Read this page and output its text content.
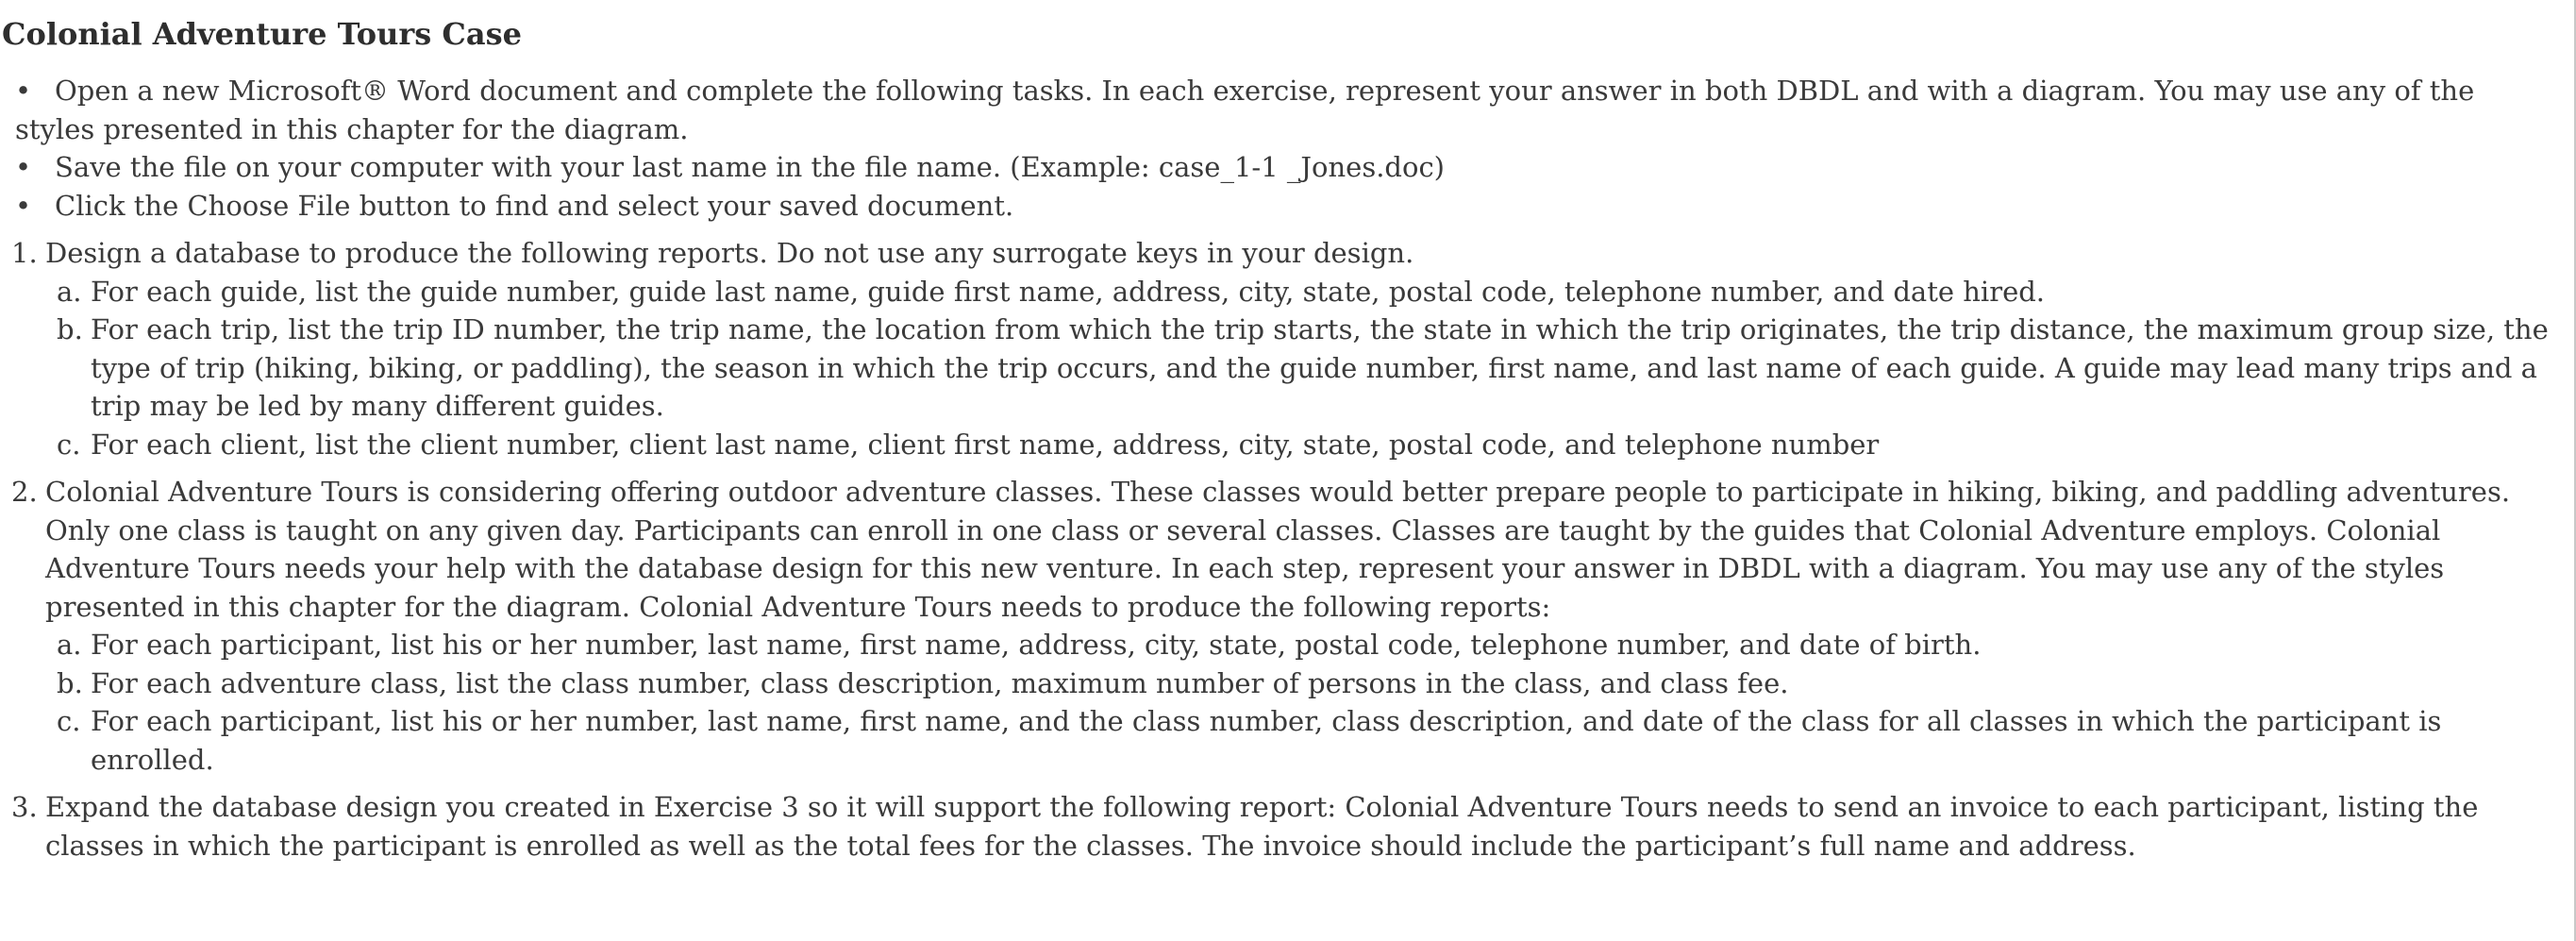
Colonial Adventure Tours Case
• Open a new Microsoft® Word document and complete the following tasks. In each exercise, represent your answer in both DBDL and with a diagram. You may use any of the styles presented in this chapter for the diagram.
• Save the file on your computer with your last name in the file name. (Example: case_1-1 _Jones.doc)
• Click the Choose File button to find and select your saved document.
1. Design a database to produce the following reports. Do not use any surrogate keys in your design.
a. For each guide, list the guide number, guide last name, guide first name, address, city, state, postal code, telephone number, and date hired.
b. For each trip, list the trip ID number, the trip name, the location from which the trip starts, the state in which the trip originates, the trip distance, the maximum group size, the type of trip (hiking, biking, or paddling), the season in which the trip occurs, and the guide number, first name, and last name of each guide. A guide may lead many trips and a trip may be led by many different guides.
c. For each client, list the client number, client last name, client first name, address, city, state, postal code, and telephone number
2. Colonial Adventure Tours is considering offering outdoor adventure classes. These classes would better prepare people to participate in hiking, biking, and paddling adventures. Only one class is taught on any given day. Participants can enroll in one class or several classes. Classes are taught by the guides that Colonial Adventure employs. Colonial Adventure Tours needs your help with the database design for this new venture. In each step, represent your answer in DBDL with a diagram. You may use any of the styles presented in this chapter for the diagram. Colonial Adventure Tours needs to produce the following reports:
a. For each participant, list his or her number, last name, first name, address, city, state, postal code, telephone number, and date of birth.
b. For each adventure class, list the class number, class description, maximum number of persons in the class, and class fee.
c. For each participant, list his or her number, last name, first name, and the class number, class description, and date of the class for all classes in which the participant is enrolled.
3. Expand the database design you created in Exercise 3 so it will support the following report: Colonial Adventure Tours needs to send an invoice to each participant, listing the classes in which the participant is enrolled as well as the total fees for the classes. The invoice should include the participant’s full name and address.
